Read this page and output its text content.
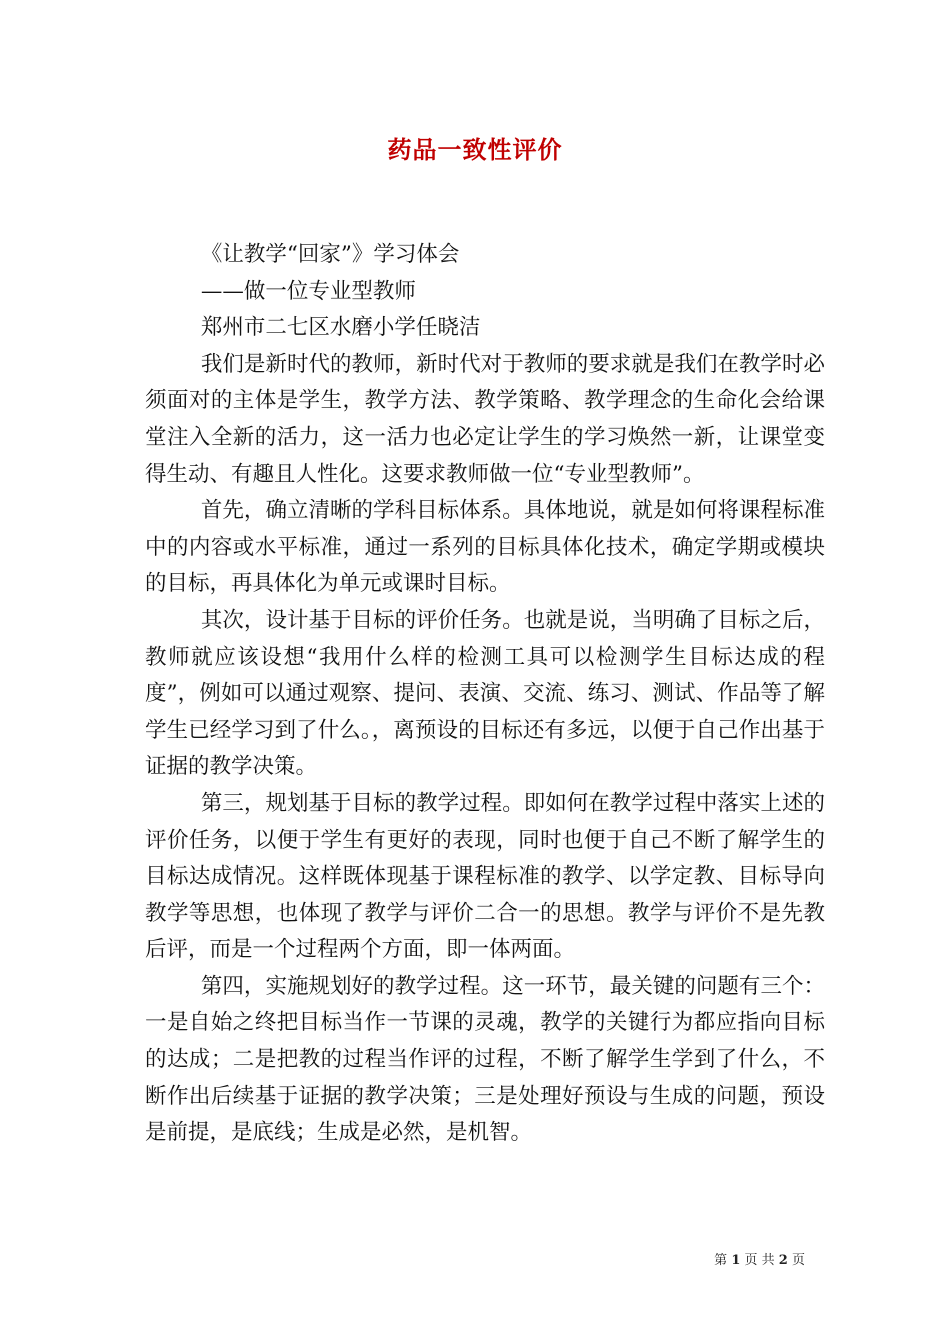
药品一致性评价

《让教学“回家”》学习体会

——做一位专业型教师

郑州市二七区水磨小学任晓洁

我们是新时代的教师，新时代对于教师的要求就是我们在教学时必须面对的主体是学生，教学方法、教学策略、教学理念的生命化会给课堂注入全新的活力，这一活力也必定让学生的学习焕然一新，让课堂变得生动、有趣且人性化。这要求教师做一位“专业型教师”。

首先，确立清晰的学科目标体系。具体地说，就是如何将课程标准中的内容或水平标准，通过一系列的目标具体化技术，确定学期或模块的目标，再具体化为单元或课时目标。

其次，设计基于目标的评价任务。也就是说，当明确了目标之后，教师就应该设想“我用什么样的检测工具可以检测学生目标达成的程度”，例如可以通过观察、提问、表演、交流、练习、测试、作品等了解学生已经学习到了什么。，离预设的目标还有多远，以便于自己作出基于证据的教学决策。

第三，规划基于目标的教学过程。即如何在教学过程中落实上述的评价任务，以便于学生有更好的表现，同时也便于自己不断了解学生的目标达成情况。这样既体现基于课程标准的教学、以学定教、目标导向教学等思想，也体现了教学与评价二合一的思想。教学与评价不是先教后评，而是一个过程两个方面，即一体两面。

第四，实施规划好的教学过程。这一环节，最关键的问题有三个：一是自始之终把目标当作一节课的灵魂，教学的关键行为都应指向目标的达成；二是把教的过程当作评的过程，不断了解学生学到了什么，不断作出后续基于证据的教学决策；三是处理好预设与生成的问题，预设是前提，是底线；生成是必然，是机智。

第 1 页 共 2 页
